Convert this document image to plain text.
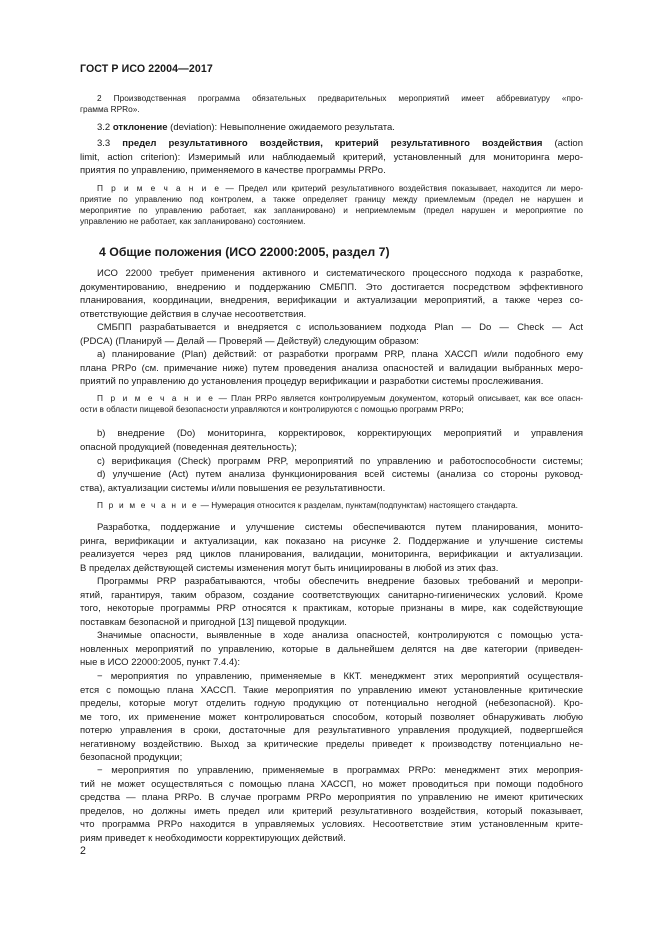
ГОСТ Р ИСО 22004—2017
2 Производственная программа обязательных предварительных мероприятий имеет аббревиатуру «про-
грамма RPRo».
3.2 отклонение (deviation): Невыполнение ожидаемого результата.
3.3 предел результативного воздействия, критерий результативного воздействия (action
limit, action criterion): Измеримый или наблюдаемый критерий, установленный для мониторинга меро-
приятия по управлению, применяемого в качестве программы PRPo.
П р и м е ч а н и е — Предел или критерий результативного воздействия показывает, находится ли меро-
приятие по управлению под контролем, а также определяет границу между приемлемым (предел не нарушен и
мероприятие по управлению работает, как запланировано) и неприемлемым (предел нарушен и мероприятие по
управлению не работает, как запланировано) состоянием.
4 Общие положения (ИСО 22000:2005, раздел 7)
ИСО 22000 требует применения активного и систематического процессного подхода к разработке,
документированию, внедрению и поддержанию СМБПП. Это достигается посредством эффективного
планирования, координации, внедрения, верификации и актуализации мероприятий, а также через со-
ответствующие действия в случае несоответствия.
СМБПП разрабатывается и внедряется с использованием подхода Plan — Do — Check — Act
(PDCA) (Планируй — Делай — Проверяй — Действуй) следующим образом:
а) планирование (Plan) действий: от разработки программ PRP, плана ХАССП и/или подобного ему
плана PRPo (см. примечание ниже) путем проведения анализа опасностей и валидации выбранных меро-
приятий по управлению до установления процедур верификации и разработки системы прослеживания.
П р и м е ч а н и е — План PRPo является контролируемым документом, который описывает, как все опасн-
ости в области пищевой безопасности управляются и контролируются с помощью программ PRPo;
b) внедрение (Do) мониторинга, корректировок, корректирующих мероприятий и управления
опасной продукцией (поведенная деятельность);
c) верификация (Check) программ PRP, мероприятий по управлению и работоспособности системы;
d) улучшение (Act) путем анализа функционирования всей системы (анализа со стороны руковод-
ства), актуализации системы и/или повышения ее результативности.
П р и м е ч а н и е — Нумерация относится к разделам, пунктам(подпунктам) настоящего стандарта.
Разработка, поддержание и улучшение системы обеспечиваются путем планирования, монито-
ринга, верификации и актуализации, как показано на рисунке 2. Поддержание и улучшение системы
реализуется через ряд циклов планирования, валидации, мониторинга, верификации и актуализации.
В пределах действующей системы изменения могут быть инициированы в любой из этих фаз.
Программы PRP разрабатываются, чтобы обеспечить внедрение базовых требований и меропри-
ятий, гарантируя, таким образом, создание соответствующих санитарно-гигиенических условий. Кроме
того, некоторые программы PRP относятся к практикам, которые признаны в мире, как содействующие
поставкам безопасной и пригодной [13] пищевой продукции.
Значимые опасности, выявленные в ходе анализа опасностей, контролируются с помощью уста-
новленных мероприятий по управлению, которые в дальнейшем делятся на две категории (приведен-
ные в ИСО 22000:2005, пункт 7.4.4):
− мероприятия по управлению, применяемые в ККТ. менеджмент этих мероприятий осуществля-
ется с помощью плана ХАССП. Такие мероприятия по управлению имеют установленные критические
пределы, которые могут отделить годную продукцию от потенциально негодной (небезопасной). Кро-
ме того, их применение может контролироваться способом, который позволяет обнаруживать любую
потерю управления в сроки, достаточные для результативного управления продукцией, подвергшейся
негативному воздействию. Выход за критические пределы приведет к производству потенциально не-
безопасной продукции;
− мероприятия по управлению, применяемые в программах PRPo: менеджмент этих мероприя-
тий не может осуществляться с помощью плана ХАССП, но может проводиться при помощи подобного
средства — плана PRPo. В случае программ PRPo мероприятия по управлению не имеют критических
пределов, но должны иметь предел или критерий результативного воздействия, который показывает,
что программа PRPo находится в управляемых условиях. Несоответствие этим установленным крите-
риям приведет к необходимости корректирующих действий.
2
